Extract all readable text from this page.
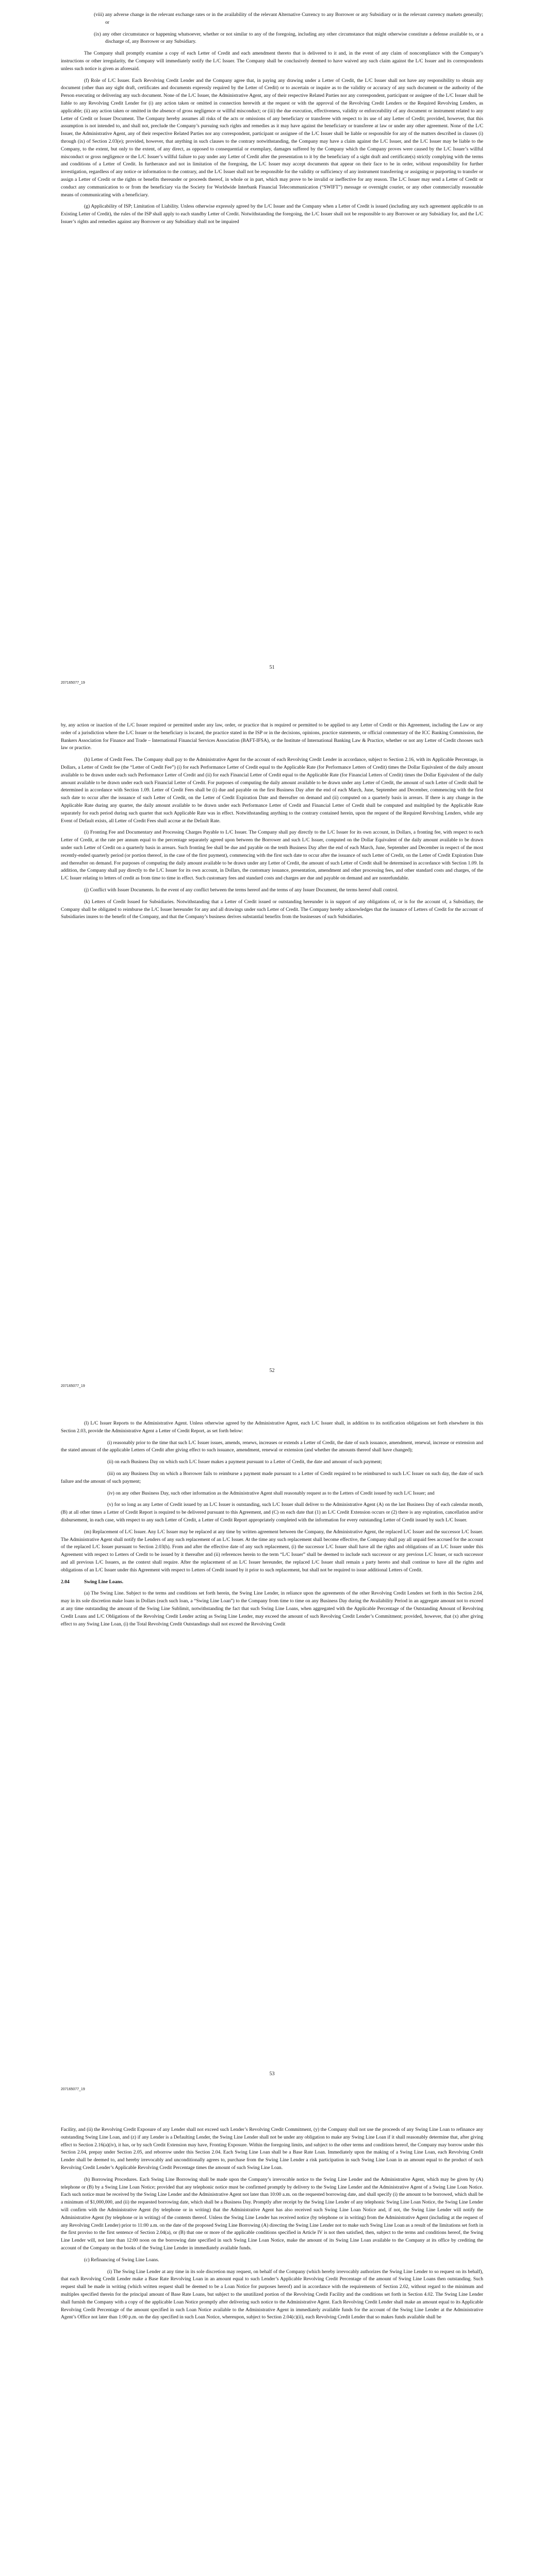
(viii) any adverse change in the relevant exchange rates or in the availability of the relevant Alternative Currency to any Borrower or any Subsidiary or in the relevant currency markets generally; or

(ix) any other circumstance or happening whatsoever, whether or not similar to any of the foregoing, including any other circumstance that might otherwise constitute a defense available to, or a discharge of, any Borrower or any Subsidiary.

The Company shall promptly examine a copy of each Letter of Credit and each amendment thereto that is delivered to it and, in the event of any claim of noncompliance with the Company’s instructions or other irregularity, the Company will immediately notify the L/C Issuer. The Company shall be conclusively deemed to have waived any such claim against the L/C Issuer and its correspondents unless such notice is given as aforesaid.

(f) Role of L/C Issuer. Each Revolving Credit Lender and the Company agree that, in paying any drawing under a Letter of Credit, the L/C Issuer shall not have any responsibility to obtain any document (other than any sight draft, certificates and documents expressly required by the Letter of Credit) or to ascertain or inquire as to the validity or accuracy of any such document or the authority of the Person executing or delivering any such document. None of the L/C Issuer, the Administrative Agent, any of their respective Related Parties nor any correspondent, participant or assignee of the L/C Issuer shall be liable to any Revolving Credit Lender for (i) any action taken or omitted in connection herewith at the request or with the approval of the Revolving Credit Lenders or the Required Revolving Lenders, as applicable; (ii) any action taken or omitted in the absence of gross negligence or willful misconduct; or (iii) the due execution, effectiveness, validity or enforceability of any document or instrument related to any Letter of Credit or Issuer Document. The Company hereby assumes all risks of the acts or omissions of any beneficiary or transferee with respect to its use of any Letter of Credit; provided, however, that this assumption is not intended to, and shall not, preclude the Company’s pursuing such rights and remedies as it may have against the beneficiary or transferee at law or under any other agreement. None of the L/C Issuer, the Administrative Agent, any of their respective Related Parties nor any correspondent, participant or assignee of the L/C Issuer shall be liable or responsible for any of the matters described in clauses (i) through (ix) of Section 2.03(e); provided, however, that anything in such clauses to the contrary notwithstanding, the Company may have a claim against the L/C Issuer, and the L/C Issuer may be liable to the Company, to the extent, but only to the extent, of any direct, as opposed to consequential or exemplary, damages suffered by the Company which the Company proves were caused by the L/C Issuer’s willful misconduct or gross negligence or the L/C Issuer’s willful failure to pay under any Letter of Credit after the presentation to it by the beneficiary of a sight draft and certificate(s) strictly complying with the terms and conditions of a Letter of Credit. In furtherance and not in limitation of the foregoing, the L/C Issuer may accept documents that appear on their face to be in order, without responsibility for further investigation, regardless of any notice or information to the contrary, and the L/C Issuer shall not be responsible for the validity or sufficiency of any instrument transferring or assigning or purporting to transfer or assign a Letter of Credit or the rights or benefits thereunder or proceeds thereof, in whole or in part, which may prove to be invalid or ineffective for any reason. The L/C Issuer may send a Letter of Credit or conduct any communication to or from the beneficiary via the Society for Worldwide Interbank Financial Telecommunication (“SWIFT”) message or overnight courier, or any other commercially reasonable means of communicating with a beneficiary.

(g) Applicability of ISP; Limitation of Liability. Unless otherwise expressly agreed by the L/C Issuer and the Company when a Letter of Credit is issued (including any such agreement applicable to an Existing Letter of Credit), the rules of the ISP shall apply to each standby Letter of Credit. Notwithstanding the foregoing, the L/C Issuer shall not be responsible to any Borrower or any Subsidiary for, and the L/C Issuer’s rights and remedies against any Borrower or any Subsidiary shall not be impaired

51
207165077_19

by, any action or inaction of the L/C Issuer required or permitted under any law, order, or practice that is required or permitted to be applied to any Letter of Credit or this Agreement, including the Law or any order of a jurisdiction where the L/C Issuer or the beneficiary is located, the practice stated in the ISP or in the decisions, opinions, practice statements, or official commentary of the ICC Banking Commission, the Bankers Association for Finance and Trade – International Financial Services Association (BAFT-IFSA), or the Institute of International Banking Law & Practice, whether or not any Letter of Credit chooses such law or practice.

(h) Letter of Credit Fees. The Company shall pay to the Administrative Agent for the account of each Revolving Credit Lender in accordance, subject to Section 2.16, with its Applicable Percentage, in Dollars, a Letter of Credit fee (the “Letter of Credit Fee”) (i) for each Performance Letter of Credit equal to the Applicable Rate (for Performance Letters of Credit) times the Dollar Equivalent of the daily amount available to be drawn under each such Performance Letter of Credit and (ii) for each Financial Letter of Credit equal to the Applicable Rate (for Financial Letters of Credit) times the Dollar Equivalent of the daily amount available to be drawn under each such Financial Letter of Credit. For purposes of computing the daily amount available to be drawn under any Letter of Credit, the amount of such Letter of Credit shall be determined in accordance with Section 1.09. Letter of Credit Fees shall be (i) due and payable on the first Business Day after the end of each March, June, September and December, commencing with the first such date to occur after the issuance of such Letter of Credit, on the Letter of Credit Expiration Date and thereafter on demand and (ii) computed on a quarterly basis in arrears. If there is any change in the Applicable Rate during any quarter, the daily amount available to be drawn under each Performance Letter of Credit and Financial Letter of Credit shall be computed and multiplied by the Applicable Rate separately for each period during such quarter that such Applicable Rate was in effect. Notwithstanding anything to the contrary contained herein, upon the request of the Required Revolving Lenders, while any Event of Default exists, all Letter of Credit Fees shall accrue at the Default Rate.

(i) Fronting Fee and Documentary and Processing Charges Payable to L/C Issuer. The Company shall pay directly to the L/C Issuer for its own account, in Dollars, a fronting fee, with respect to each Letter of Credit, at the rate per annum equal to the percentage separately agreed upon between the Borrower and such L/C Issuer, computed on the Dollar Equivalent of the daily amount available to be drawn under such Letter of Credit on a quarterly basis in arrears. Such fronting fee shall be due and payable on the tenth Business Day after the end of each March, June, September and December in respect of the most recently-ended quarterly period (or portion thereof, in the case of the first payment), commencing with the first such date to occur after the issuance of such Letter of Credit, on the Letter of Credit Expiration Date and thereafter on demand. For purposes of computing the daily amount available to be drawn under any Letter of Credit, the amount of such Letter of Credit shall be determined in accordance with Section 1.09. In addition, the Company shall pay directly to the L/C Issuer for its own account, in Dollars, the customary issuance, presentation, amendment and other processing fees, and other standard costs and charges, of the L/C Issuer relating to letters of credit as from time to time in effect. Such customary fees and standard costs and charges are due and payable on demand and are nonrefundable.

(j) Conflict with Issuer Documents. In the event of any conflict between the terms hereof and the terms of any Issuer Document, the terms hereof shall control.

(k) Letters of Credit Issued for Subsidiaries. Notwithstanding that a Letter of Credit issued or outstanding hereunder is in support of any obligations of, or is for the account of, a Subsidiary, the Company shall be obligated to reimburse the L/C Issuer hereunder for any and all drawings under such Letter of Credit. The Company hereby acknowledges that the issuance of Letters of Credit for the account of Subsidiaries inures to the benefit of the Company, and that the Company’s business derives substantial benefits from the businesses of such Subsidiaries.

52
207165077_19

(l) L/C Issuer Reports to the Administrative Agent. Unless otherwise agreed by the Administrative Agent, each L/C Issuer shall, in addition to its notification obligations set forth elsewhere in this Section 2.03, provide the Administrative Agent a Letter of Credit Report, as set forth below:

(i) reasonably prior to the time that such L/C Issuer issues, amends, renews, increases or extends a Letter of Credit, the date of such issuance, amendment, renewal, increase or extension and the stated amount of the applicable Letters of Credit after giving effect to such issuance, amendment, renewal or extension (and whether the amounts thereof shall have changed);

(ii) on each Business Day on which such L/C Issuer makes a payment pursuant to a Letter of Credit, the date and amount of such payment;

(iii) on any Business Day on which a Borrower fails to reimburse a payment made pursuant to a Letter of Credit required to be reimbursed to such L/C Issuer on such day, the date of such failure and the amount of such payment;

(iv) on any other Business Day, such other information as the Administrative Agent shall reasonably request as to the Letters of Credit issued by such L/C Issuer; and

(v) for so long as any Letter of Credit issued by an L/C Issuer is outstanding, such L/C Issuer shall deliver to the Administrative Agent (A) on the last Business Day of each calendar month, (B) at all other times a Letter of Credit Report is required to be delivered pursuant to this Agreement, and (C) on each date that (1) an L/C Credit Extension occurs or (2) there is any expiration, cancellation and/or disbursement, in each case, with respect to any such Letter of Credit, a Letter of Credit Report appropriately completed with the information for every outstanding Letter of Credit issued by such L/C Issuer.

(m) Replacement of L/C Issuer. Any L/C Issuer may be replaced at any time by written agreement between the Company, the Administrative Agent, the replaced L/C Issuer and the successor L/C Issuer. The Administrative Agent shall notify the Lenders of any such replacement of an L/C Issuer. At the time any such replacement shall become effective, the Company shall pay all unpaid fees accrued for the account of the replaced L/C Issuer pursuant to Section 2.03(h). From and after the effective date of any such replacement, (i) the successor L/C Issuer shall have all the rights and obligations of an L/C Issuer under this Agreement with respect to Letters of Credit to be issued by it thereafter and (ii) references herein to the term “L/C Issuer” shall be deemed to include such successor or any previous L/C Issuer, or such successor and all previous L/C Issuers, as the context shall require. After the replacement of an L/C Issuer hereunder, the replaced L/C Issuer shall remain a party hereto and shall continue to have all the rights and obligations of an L/C Issuer under this Agreement with respect to Letters of Credit issued by it prior to such replacement, but shall not be required to issue additional Letters of Credit.

2.04	Swing Line Loans.

(a) The Swing Line. Subject to the terms and conditions set forth herein, the Swing Line Lender, in reliance upon the agreements of the other Revolving Credit Lenders set forth in this Section 2.04, may in its sole discretion make loans in Dollars (each such loan, a “Swing Line Loan”) to the Company from time to time on any Business Day during the Availability Period in an aggregate amount not to exceed at any time outstanding the amount of the Swing Line Sublimit, notwithstanding the fact that such Swing Line Loans, when aggregated with the Applicable Percentage of the Outstanding Amount of Revolving Credit Loans and L/C Obligations of the Revolving Credit Lender acting as Swing Line Lender, may exceed the amount of such Revolving Credit Lender’s Commitment; provided, however, that (x) after giving effect to any Swing Line Loan, (i) the Total Revolving Credit Outstandings shall not exceed the Revolving Credit

53
207165077_19

Facility, and (ii) the Revolving Credit Exposure of any Lender shall not exceed such Lender’s Revolving Credit Commitment, (y) the Company shall not use the proceeds of any Swing Line Loan to refinance any outstanding Swing Line Loan, and (z) if any Lender is a Defaulting Lender, the Swing Line Lender shall not be under any obligation to make any Swing Line Loan if it shall reasonably determine that, after giving effect to Section 2.16(a)(iv), it has, or by such Credit Extension may have, Fronting Exposure. Within the foregoing limits, and subject to the other terms and conditions hereof, the Company may borrow under this Section 2.04, prepay under Section 2.05, and reborrow under this Section 2.04. Each Swing Line Loan shall be a Base Rate Loan. Immediately upon the making of a Swing Line Loan, each Revolving Credit Lender shall be deemed to, and hereby irrevocably and unconditionally agrees to, purchase from the Swing Line Lender a risk participation in such Swing Line Loan in an amount equal to the product of such Revolving Credit Lender’s Applicable Revolving Credit Percentage times the amount of such Swing Line Loan.

(b) Borrowing Procedures. Each Swing Line Borrowing shall be made upon the Company’s irrevocable notice to the Swing Line Lender and the Administrative Agent, which may be given by (A) telephone or (B) by a Swing Line Loan Notice; provided that any telephonic notice must be confirmed promptly by delivery to the Swing Line Lender and the Administrative Agent of a Swing Line Loan Notice. Each such notice must be received by the Swing Line Lender and the Administrative Agent not later than 10:00 a.m. on the requested borrowing date, and shall specify (i) the amount to be borrowed, which shall be a minimum of $1,000,000, and (ii) the requested borrowing date, which shall be a Business Day. Promptly after receipt by the Swing Line Lender of any telephonic Swing Line Loan Notice, the Swing Line Lender will confirm with the Administrative Agent (by telephone or in writing) that the Administrative Agent has also received such Swing Line Loan Notice and, if not, the Swing Line Lender will notify the Administrative Agent (by telephone or in writing) of the contents thereof. Unless the Swing Line Lender has received notice (by telephone or in writing) from the Administrative Agent (including at the request of any Revolving Credit Lender) prior to 11:00 a.m. on the date of the proposed Swing Line Borrowing (A) directing the Swing Line Lender not to make such Swing Line Loan as a result of the limitations set forth in the first proviso to the first sentence of Section 2.04(a), or (B) that one or more of the applicable conditions specified in Article IV is not then satisfied, then, subject to the terms and conditions hereof, the Swing Line Lender will, not later than 12:00 noon on the borrowing date specified in such Swing Line Loan Notice, make the amount of its Swing Line Loan available to the Company at its office by crediting the account of the Company on the books of the Swing Line Lender in immediately available funds.

(c) Refinancing of Swing Line Loans.

(i) The Swing Line Lender at any time in its sole discretion may request, on behalf of the Company (which hereby irrevocably authorizes the Swing Line Lender to so request on its behalf), that each Revolving Credit Lender make a Base Rate Revolving Loan in an amount equal to such Lender’s Applicable Revolving Credit Percentage of the amount of Swing Line Loans then outstanding. Such request shall be made in writing (which written request shall be deemed to be a Loan Notice for purposes hereof) and in accordance with the requirements of Section 2.02, without regard to the minimum and multiples specified therein for the principal amount of Base Rate Loans, but subject to the unutilized portion of the Revolving Credit Facility and the conditions set forth in Section 4.02. The Swing Line Lender shall furnish the Company with a copy of the applicable Loan Notice promptly after delivering such notice to the Administrative Agent. Each Revolving Credit Lender shall make an amount equal to its Applicable Revolving Credit Percentage of the amount specified in such Loan Notice available to the Administrative Agent in immediately available funds for the account of the Swing Line Lender at the Administrative Agent’s Office not later than 1:00 p.m. on the day specified in such Loan Notice, whereupon, subject to Section 2.04(c)(ii), each Revolving Credit Lender that so makes funds available shall be
